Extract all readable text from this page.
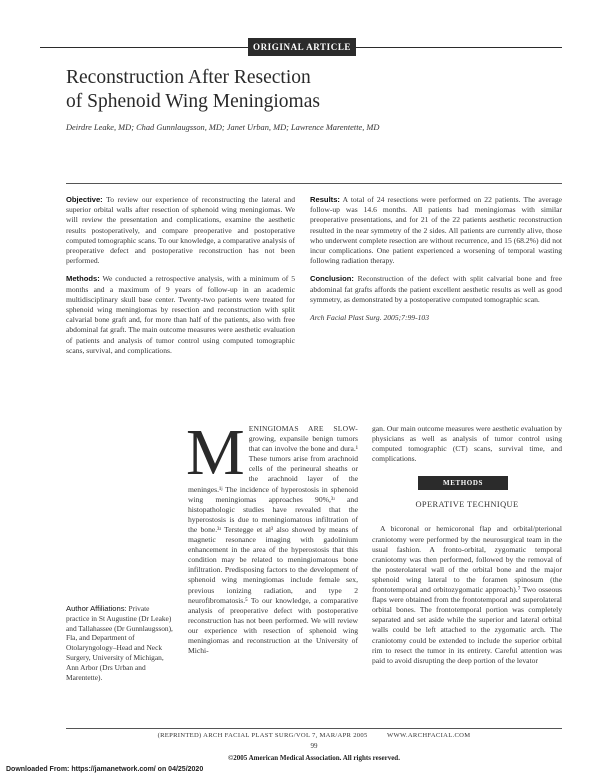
ORIGINAL ARTICLE
Reconstruction After Resection
of Sphenoid Wing Meningiomas
Deirdre Leake, MD; Chad Gunnlaugsson, MD; Janet Urban, MD; Lawrence Marentette, MD

Objective: To review our experience of reconstructing the lateral and superior orbital walls after resection of sphenoid wing meningiomas. We will review the presentation and complications, examine the aesthetic results postoperatively, and compare preoperative and postoperative computed tomographic scans. To our knowledge, a comparative analysis of preoperative defect and postoperative reconstruction has not been performed.

Methods: We conducted a retrospective analysis, with a minimum of 5 months and a maximum of 9 years of follow-up in an academic multidisciplinary skull base center. Twenty-two patients were treated for sphenoid wing meningiomas by resection and reconstruction with split calvarial bone graft and, for more than half of the patients, also with free abdominal fat graft. The main outcome measures were aesthetic evaluation of patients and analysis of tumor control using computed tomographic scans, survival, and complications.

Results: A total of 24 resections were performed on 22 patients. The average follow-up was 14.6 months. All patients had meningiomas with similar preoperative presentations, and for 21 of the 22 patients aesthetic reconstruction resulted in the near symmetry of the 2 sides. All patients are currently alive, those who underwent complete resection are without recurrence, and 15 (68.2%) did not incur complications. One patient experienced a worsening of temporal wasting following radiation therapy.

Conclusion: Reconstruction of the defect with split calvarial bone and free abdominal fat grafts affords the patient excellent aesthetic results as well as good symmetry, as demonstrated by a postoperative computed tomographic scan.

Arch Facial Plast Surg. 2005;7:99-103

M ENINGIOMAS ARE SLOW- growing, expansile benign tumors that can involve the bone and dura.¹ These tumors arise from arachnoid cells of the perineural sheaths or the arachnoid layer of the meninges.¹ʲ The incidence of hyperostosis in sphenoid wing meningiomas approaches 90%,³ʴ and histopathologic studies have revealed that the hyperostosis is due to meningiomatous infiltration of the bone.³ʴ Terstegge et al³ also showed by means of magnetic resonance imaging with gadolinium enhancement in the area of the hyperostosis that this condition may be related to meningiomatous bone infiltration. Predisposing factors to the development of sphenoid wing meningiomas include female sex, previous ionizing radiation, and type 2 neurofibromatosis.⁵ To our knowledge, a comparative analysis of preoperative defect with postoperative reconstruction has not been performed. We will review our experience with resection of sphenoid wing meningiomas and reconstruction at the University of Michi-

gan. Our main outcome measures were aesthetic evaluation by physicians as well as analysis of tumor control using computed tomographic (CT) scans, survival time, and complications.

METHODS
OPERATIVE TECHNIQUE

A bicoronal or hemicoronal flap and orbital/pterional craniotomy were performed by the neurosurgical team in the usual fashion. A fronto-orbital, zygomatic temporal craniotomy was then performed, followed by the removal of the posterolateral wall of the orbital bone and the major sphenoid wing lateral to the foramen spinosum (the frontotemporal and orbitozygomatic approach).⁷ Two osseous flaps were obtained from the frontotemporal and superolateral orbital bones. The frontotemporal portion was completely separated and set aside while the superior and lateral orbital walls could be left attached to the zygomatic arch. The craniotomy could be extended to include the superior orbital rim to resect the tumor in its entirety. Careful attention was paid to avoid disrupting the deep portion of the levator

Author Affiliations: Private practice in St Augustine (Dr Leake) and Tallahassee (Dr Gunnlaugsson), Fla, and Department of Otolaryngology–Head and Neck Surgery, University of Michigan, Ann Arbor (Drs Urban and Marentette).
(REPRINTED) ARCH FACIAL PLAST SURG/VOL 7, MAR/APR 2005          WWW.ARCHFACIAL.COM
99
©2005 American Medical Association. All rights reserved.
Downloaded From: https://jamanetwork.com/ on 04/25/2020
